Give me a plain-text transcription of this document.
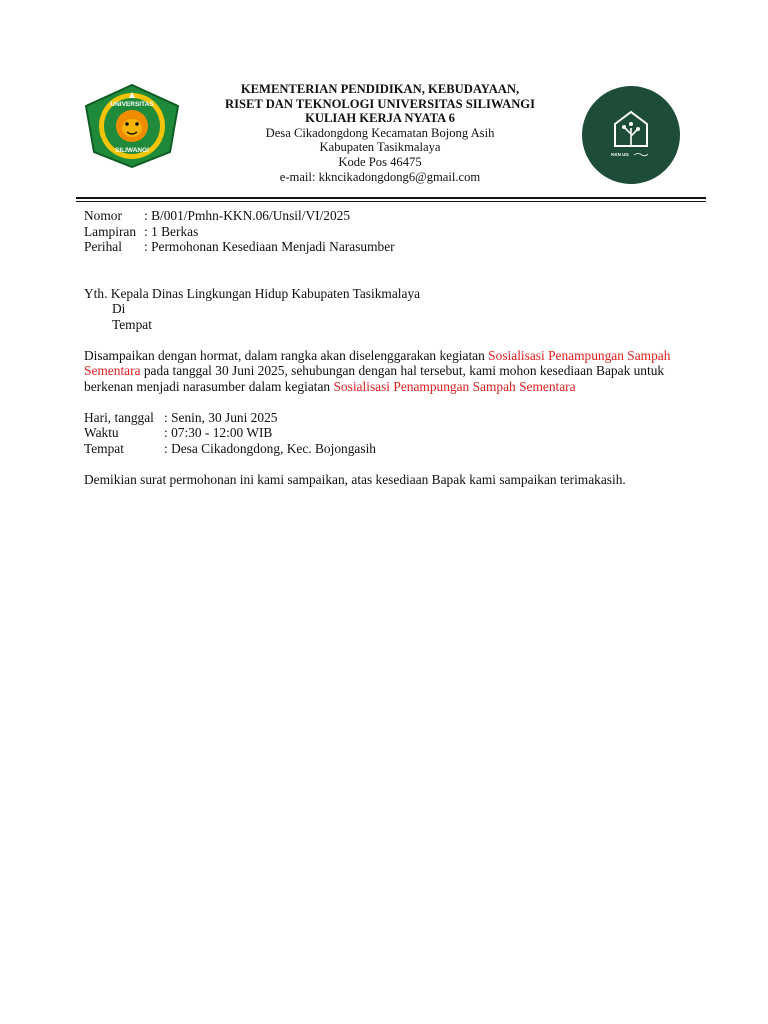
UNIVERSITAS
SILIWANGI
KEMENTERIAN PENDIDIKAN, KEBUDAYAAN,
RISET DAN TEKNOLOGI UNIVERSITAS SILIWANGI
KULIAH KERJA NYATA 6
Desa Cikadongdong Kecamatan Bojong Asih
Kabupaten Tasikmalaya
Kode Pos 46475
e-mail: kkncikadongdong6@gmail.com
KKN UG
Nomor	: B/001/Pmhn-KKN.06/Unsil/VI/2025
Lampiran : 1 Berkas
Perihal	: Permohonan Kesediaan Menjadi Narasumber
Yth. Kepala Dinas Lingkungan Hidup Kabupaten Tasikmalaya
Di
Tempat

Disampaikan dengan hormat, dalam rangka akan diselenggarakan kegiatan Sosialisasi Penampungan Sampah Sementara pada tanggal 30 Juni 2025, sehubungan dengan hal tersebut, kami mohon kesediaan Bapak untuk berkenan menjadi narasumber dalam kegiatan Sosialisasi Penampungan Sampah Sementara

Hari, tanggal : Senin, 30 Juni 2025
Waktu	: 07:30 - 12:00 WIB
Tempat	: Desa Cikadongdong, Kec. Bojongasih

Demikian surat permohonan ini kami sampaikan, atas kesediaan Bapak kami sampaikan terimakasih.
